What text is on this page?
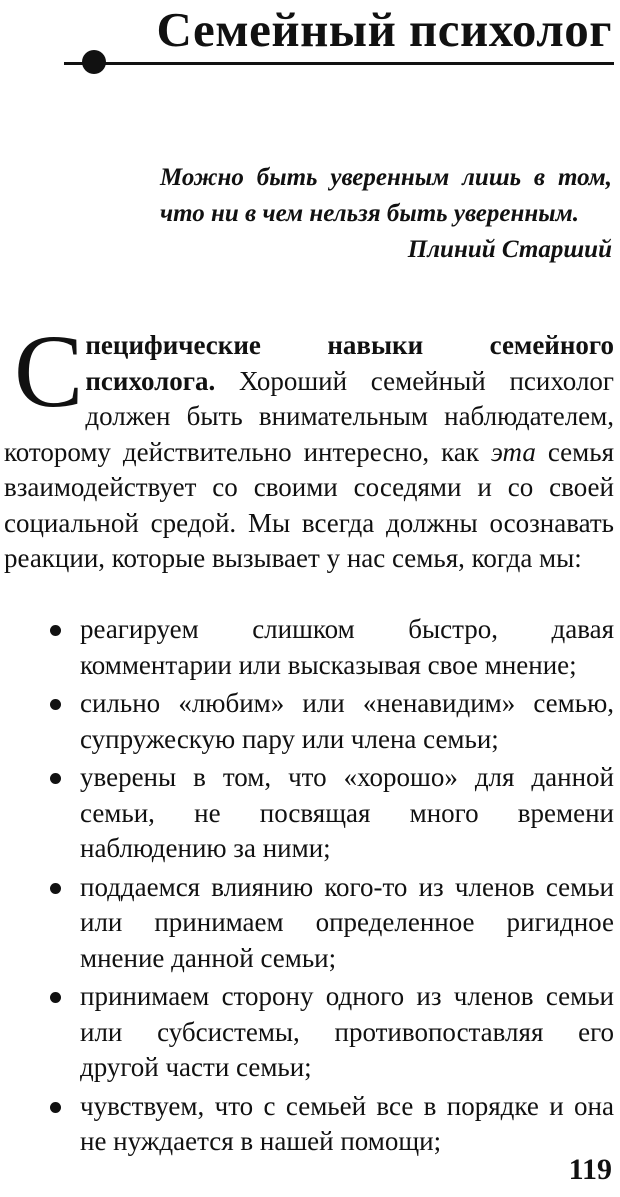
Семейный психолог

Можно быть уверенным лишь в том, что ни в чем нельзя быть уверенным.

Плиний Старший

Специфические навыки семейного психолога. Хороший семейный психолог должен быть внимательным наблюдателем, которому действительно интересно, как эта семья взаимодействует со своими соседями и со своей социальной средой. Мы всегда должны осознавать реакции, которые вызывает у нас семья, когда мы:

реагируем слишком быстро, давая комментарии или высказывая свое мнение;
сильно «любим» или «ненавидим» семью, супружескую пару или члена семьи;
уверены в том, что «хорошо» для данной семьи, не посвящая много времени наблюдению за ними;
поддаемся влиянию кого-то из членов семьи или принимаем определенное ригидное мнение данной семьи;
принимаем сторону одного из членов семьи или субсистемы, противопоставляя его другой части семьи;
чувствуем, что с семьей все в порядке и она не нуждается в нашей помощи;
119
